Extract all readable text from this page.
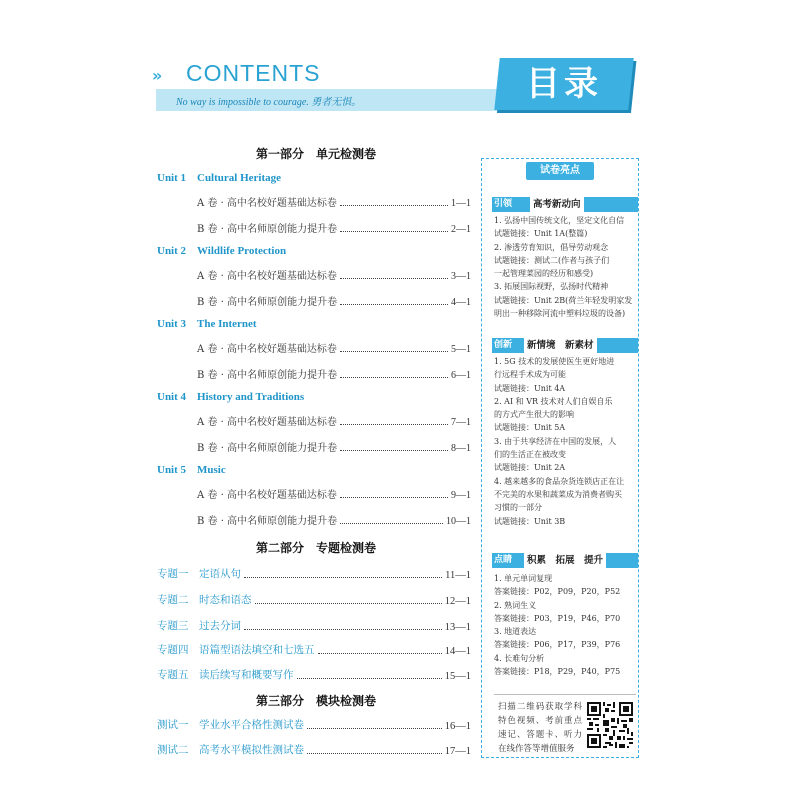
» CONTENTS
No way is impossible to courage. 勇者无惧。	目录
第一部分　单元检测卷
Unit 1 Cultural Heritage
A 卷 · 高中名校好题基础达标卷	1—1
B 卷 · 高中名师原创能力提升卷	2—1
Unit 2 Wildlife Protection
A 卷 · 高中名校好题基础达标卷	3—1
B 卷 · 高中名师原创能力提升卷	4—1
Unit 3 The Internet
A 卷 · 高中名校好题基础达标卷	5—1
B 卷 · 高中名师原创能力提升卷	6—1
Unit 4 History and Traditions
A 卷 · 高中名校好题基础达标卷	7—1
B 卷 · 高中名师原创能力提升卷	8—1
Unit 5 Music
A 卷 · 高中名校好题基础达标卷	9—1
B 卷 · 高中名师原创能力提升卷	10—1
第二部分　专题检测卷
专题一	定语从句	11—1
专题二	时态和语态	12—1
专题三	过去分词	13—1
专题四	语篇型语法填空和七选五	14—1
专题五	读后续写和概要写作	15—1
第三部分　模块检测卷
测试一	学业水平合格性测试卷	16—1
测试二	高考水平模拟性测试卷	17—1
试卷亮点
引领	高考新动向
1. 弘扬中国传统文化，坚定文化自信
试题链接：Unit 1A(整篇)
2. 渗透劳育知识，倡导劳动观念
试题链接：测试二(作者与孩子们
一起管理菜园的经历和感受)
3. 拓展国际视野，弘扬时代精神
试题链接：Unit 2B(荷兰年轻发明家发
明出一种移除河流中塑料垃圾的设备)
创新	新情境　新素材
1. 5G 技术的发展使医生更好地进
行远程手术成为可能
试题链接：Unit 4A
2. AI 和 VR 技术对人们自娱自乐
的方式产生很大的影响
试题链接：Unit 5A
3. 由于共享经济在中国的发展，人
们的生活正在被改变
试题链接：Unit 2A
4. 越来越多的食品杂货连锁店正在让
不完美的水果和蔬菜成为消费者购买
习惯的一部分
试题链接：Unit 3B
点睛	积累　拓展　提升
1. 单元单词复现
答案链接：P02，P09，P20，P52
2. 熟词生义
答案链接：P03，P19，P46，P70
3. 地道表达
答案链接：P06，P17，P39，P76
4. 长难句分析
答案链接：P18，P29，P40，P75
扫描二维码获取学科特色视频、考前重点速记、答题卡、听力在线作答等增值服务
